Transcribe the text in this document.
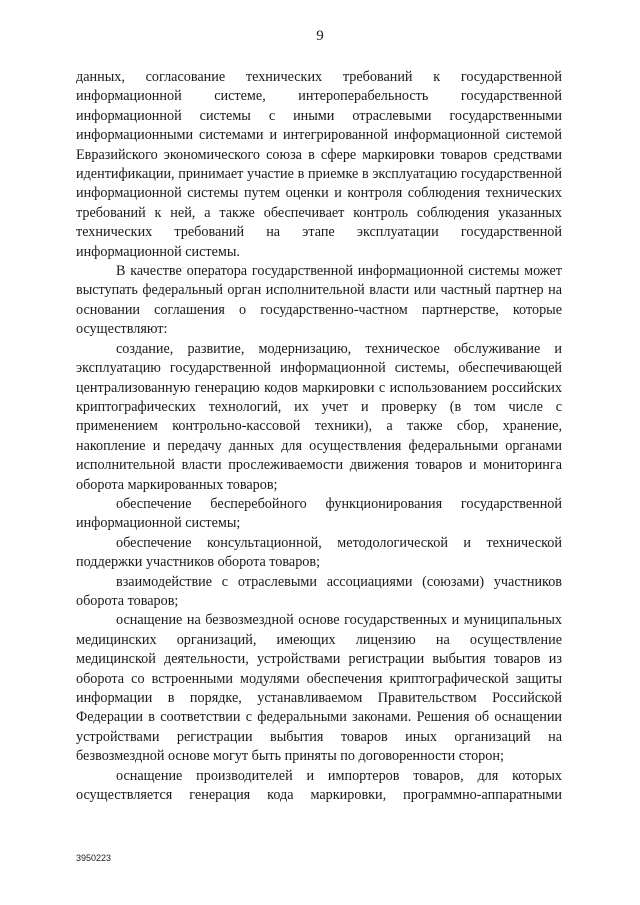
9

данных, согласование технических требований к государственной информационной системе, интероперабельность государственной информационной системы с иными отраслевыми государственными информационными системами и интегрированной информационной системой Евразийского экономического союза в сфере маркировки товаров средствами идентификации, принимает участие в приемке в эксплуатацию государственной информационной системы путем оценки и контроля соблюдения технических требований к ней, а также обеспечивает контроль соблюдения указанных технических требований на этапе эксплуатации государственной информационной системы.

В качестве оператора государственной информационной системы может выступать федеральный орган исполнительной власти или частный партнер на основании соглашения о государственно-частном партнерстве, которые осуществляют:

создание, развитие, модернизацию, техническое обслуживание и эксплуатацию государственной информационной системы, обеспечивающей централизованную генерацию кодов маркировки с использованием российских криптографических технологий, их учет и проверку (в том числе с применением контрольно-кассовой техники), а также сбор, хранение, накопление и передачу данных для осуществления федеральными органами исполнительной власти прослеживаемости движения товаров и мониторинга оборота маркированных товаров;

обеспечение бесперебойного функционирования государственной информационной системы;

обеспечение консультационной, методологической и технической поддержки участников оборота товаров;

взаимодействие с отраслевыми ассоциациями (союзами) участников оборота товаров;

оснащение на безвозмездной основе государственных и муниципальных медицинских организаций, имеющих лицензию на осуществление медицинской деятельности, устройствами регистрации выбытия товаров из оборота со встроенными модулями обеспечения криптографической защиты информации в порядке, устанавливаемом Правительством Российской Федерации в соответствии с федеральными законами. Решения об оснащении устройствами регистрации выбытия товаров иных организаций на безвозмездной основе могут быть приняты по договоренности сторон;

оснащение производителей и импортеров товаров, для которых осуществляется генерация кода маркировки, программно-аппаратными

3950223
